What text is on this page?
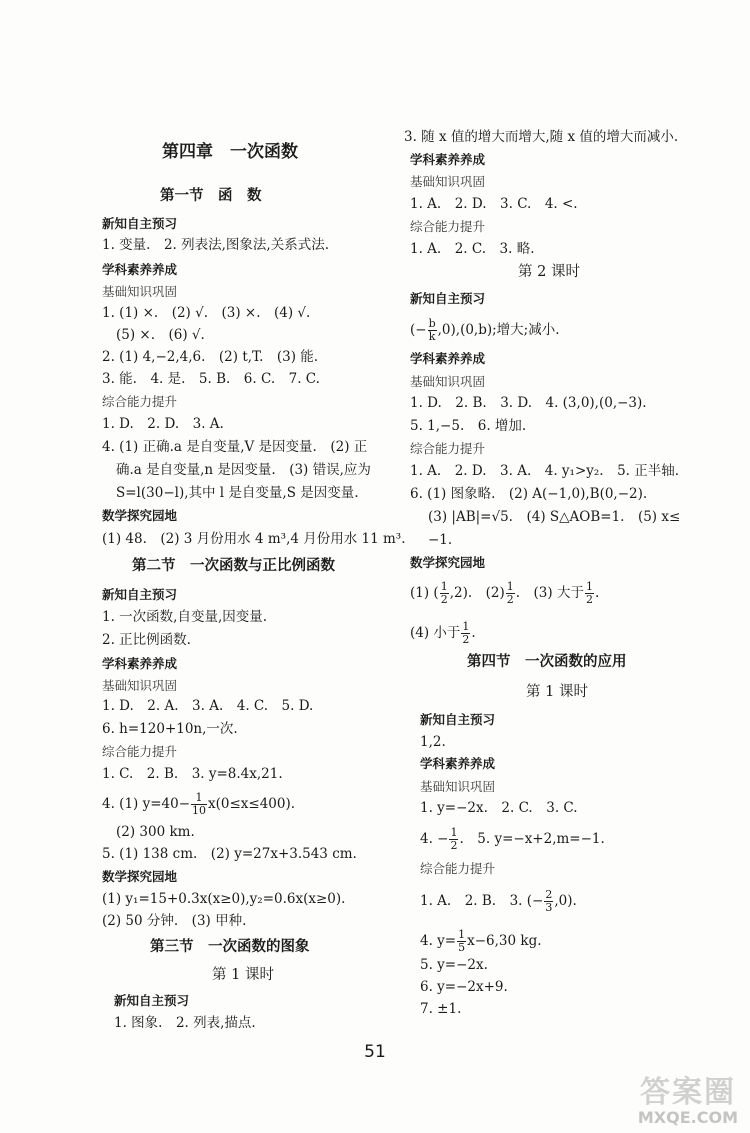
第四章　一次函数
第一节　函　数
新知自主预习
1. 变量.　2. 列表法,图象法,关系式法.
学科素养养成
基础知识巩固
1. (1) ×.　(2) √.　(3) ×.　(4) √.
(5) ×.　(6) √.
2. (1) 4,−2,4,6.　(2) t,T.　(3) 能.
3. 能.　4. 是.　5. B.　6. C.　7. C.
综合能力提升
1. D.　2. D.　3. A.
4. (1) 正确.a 是自变量,V 是因变量.　(2) 正
确.a 是自变量,n 是因变量.　(3) 错误,应为
S=l(30−l),其中 l 是自变量,S 是因变量.
数学探究园地
(1) 48.　(2) 3 月份用水 4 m³,4 月份用水 11 m³.
第二节　一次函数与正比例函数
新知自主预习
1. 一次函数,自变量,因变量.
2. 正比例函数.
学科素养养成
基础知识巩固
1. D.　2. A.　3. A.　4. C.　5. D.
6. h=120+10n,一次.
综合能力提升
1. C.　2. B.　3. y=8.4x,21.
4. (1) $y=40- \frac{1}{10} x(0\le x\le 400)$.
(2) 300 km.
5. (1) 138 cm.　(2) y=27x+3.543 cm.
数学探究园地
(1) y₁=15+0.3x(x≥0),y₂=0.6x(x≥0).
(2) 50 分钟.　(3) 甲种.
第三节　一次函数的图象
第 1 课时
新知自主预习
1. 图象.　2. 列表,描点.
3. 随 x 值的增大而增大,随 x 值的增大而减小.
学科素养养成
基础知识巩固
1. A.　2. D.　3. C.　4. <.
综合能力提升
1. A.　2. C.　3. 略.
第 2 课时
新知自主预习
(− $\frac{b}{k} ,0),(0,b)$;增大;减小.
学科素养养成
基础知识巩固
1. D.　2. B.　3. D.　4. (3,0),(0,−3).
5. 1,−5.　6. 增加.
综合能力提升
1. A.　2. D.　3. A.　4. y₁>y₂.　5. 正半轴.
6. (1) 图象略.　(2) A(−1,0),B(0,−2).
(3) |AB|=√5.　(4) S△AOB=1.　(5) x≤
−1.
数学探究园地
(1) ( $\frac{1}{2} ,2$).　$(2) \frac{1}{2}$ .　(3) 大于 $\frac{1}{2}$ .
(4) 小于 $\frac{1}{2}$ .
第四节　一次函数的应用
第 1 课时
新知自主预习
1,2.
学科素养养成
基础知识巩固
1. y=−2x.　2. C.　3. C.
4. − $\frac{1}{2}$ .　5. y=−x+2,m=−1.
综合能力提升
1. A.　2. B.　3. (− $\frac{2}{3} ,0$).
4. $y= \frac{1}{5} x-6,30$ kg.
5. y=−2x.
6. y=−2x+9.
7. ±1.
51
答案圈
MXQE.COM
